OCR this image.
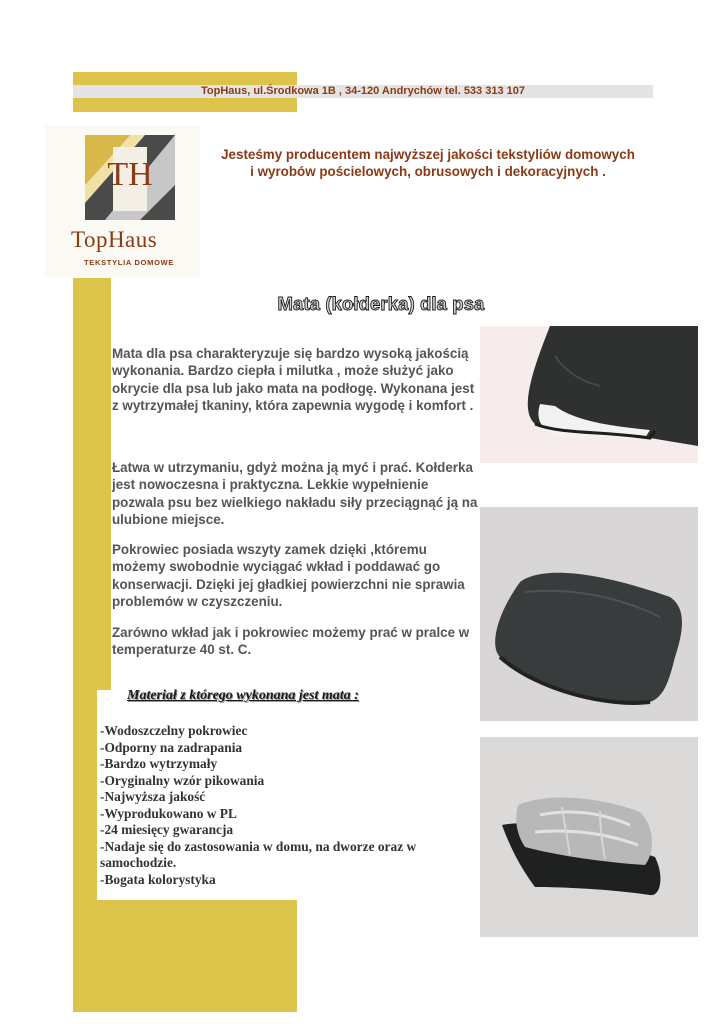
TopHaus, ul.Środkowa 1B , 34-120 Andrychów tel. 533 313 107
TH
TopHaus
TEKSTYLIA DOMOWE
Jesteśmy producentem najwyższej jakości tekstyliów domowych
i wyrobów pościelowych, obrusowych i dekoracyjnych .
Mata (kołderka) dla psa
Mata dla psa charakteryzuje się bardzo wysoką jakością wykonania. Bardzo ciepła i milutka , może służyć jako okrycie dla psa lub jako mata na podłogę. Wykonana jest z wytrzymałej tkaniny, która zapewnia wygodę i komfort .
Łatwa w utrzymaniu, gdyż można ją myć i prać. Kołderka jest nowoczesna i praktyczna. Lekkie wypełnienie pozwala psu bez wielkiego nakładu siły przeciągnąć ją na ulubione miejsce.
Pokrowiec posiada wszyty zamek dzięki ,któremu możemy swobodnie wyciągać wkład i poddawać go konserwacji. Dzięki jej gładkiej powierzchni nie sprawia problemów w czyszczeniu.
Zarówno wkład jak i pokrowiec możemy prać w pralce w temperaturze 40 st. C.
Materiał z którego wykonana jest mata :
-Wodoszczelny pokrowiec
-Odporny na zadrapania
-Bardzo wytrzymały
-Oryginalny wzór pikowania
-Najwyższa jakość
-Wyprodukowano w PL
-24 miesięcy gwarancja
-Nadaje się do zastosowania w domu, na dworze oraz w samochodzie.
-Bogata kolorystyka
